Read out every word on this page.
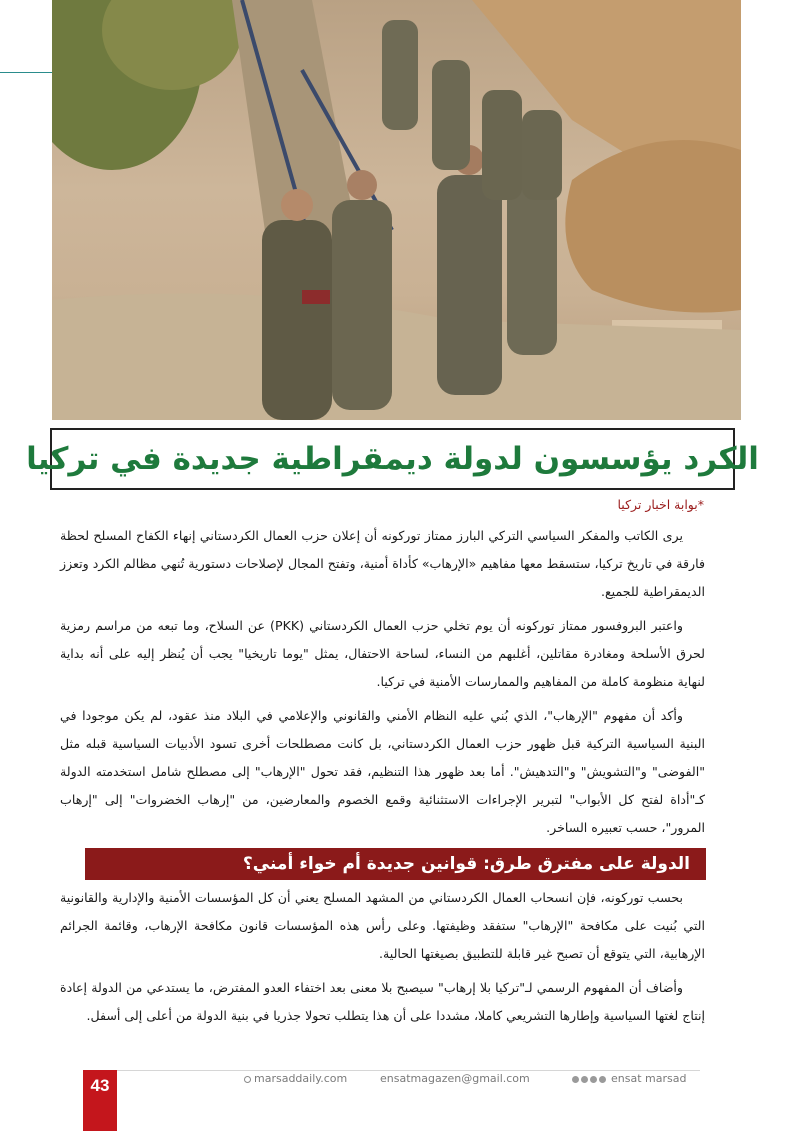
الكرد يؤسسون لدولة ديمقراطية جديدة في تركيا
*بوابة اخبار تركيا

يرى الكاتب والمفكر السياسي التركي البارز ممتاز توركونه أن إعلان حزب العمال الكردستاني إنهاء الكفاح المسلح لحظة فارقة في تاريخ تركيا، ستسقط معها مفاهيم «الإرهاب» كأداة أمنية، وتفتح المجال لإصلاحات دستورية تُنهي مظالم الكرد وتعزز الديمقراطية للجميع.

واعتبر البروفسور ممتاز توركونه أن يوم تخلي حزب العمال الكردستاني (PKK) عن السلاح، وما تبعه من مراسم رمزية لحرق الأسلحة ومغادرة مقاتلين، أغلبهم من النساء، لساحة الاحتفال، يمثل "يوما تاريخيا" يجب أن يُنظر إليه على أنه بداية لنهاية منظومة كاملة من المفاهيم والممارسات الأمنية في تركيا.

وأكد أن مفهوم "الإرهاب"، الذي بُني عليه النظام الأمني والقانوني والإعلامي في البلاد منذ عقود، لم يكن موجودا في البنية السياسية التركية قبل ظهور حزب العمال الكردستاني، بل كانت مصطلحات أخرى تسود الأدبيات السياسية قبله مثل "الفوضى" و"التشويش" و"التدهيش". أما بعد ظهور هذا التنظيم، فقد تحول "الإرهاب" إلى مصطلح شامل استخدمته الدولة كـ"أداة لفتح كل الأبواب" لتبرير الإجراءات الاستثنائية وقمع الخصوم والمعارضين، من "إرهاب الخضروات" إلى "إرهاب المرور"، حسب تعبيره الساخر.

الدولة على مفترق طرق: قوانين جديدة أم خواء أمني؟

بحسب توركونه، فإن انسحاب العمال الكردستاني من المشهد المسلح يعني أن كل المؤسسات الأمنية والإدارية والقانونية التي بُنيت على مكافحة "الإرهاب" ستفقد وظيفتها. وعلى رأس هذه المؤسسات قانون مكافحة الإرهاب، وقائمة الجرائم الإرهابية، التي يتوقع أن تصبح غير قابلة للتطبيق بصيغتها الحالية.

وأضاف أن المفهوم الرسمي لـ"تركيا بلا إرهاب" سيصبح بلا معنى بعد اختفاء العدو المفترض، ما يستدعي من الدولة إعادة إنتاج لغتها السياسية وإطارها التشريعي كاملا، مشددا على أن هذا يتطلب تحولا جذريا في بنية الدولة من أعلى إلى أسفل.

43	marsaddaily.com	ensatmagazen@gmail.com	ensat marsad
